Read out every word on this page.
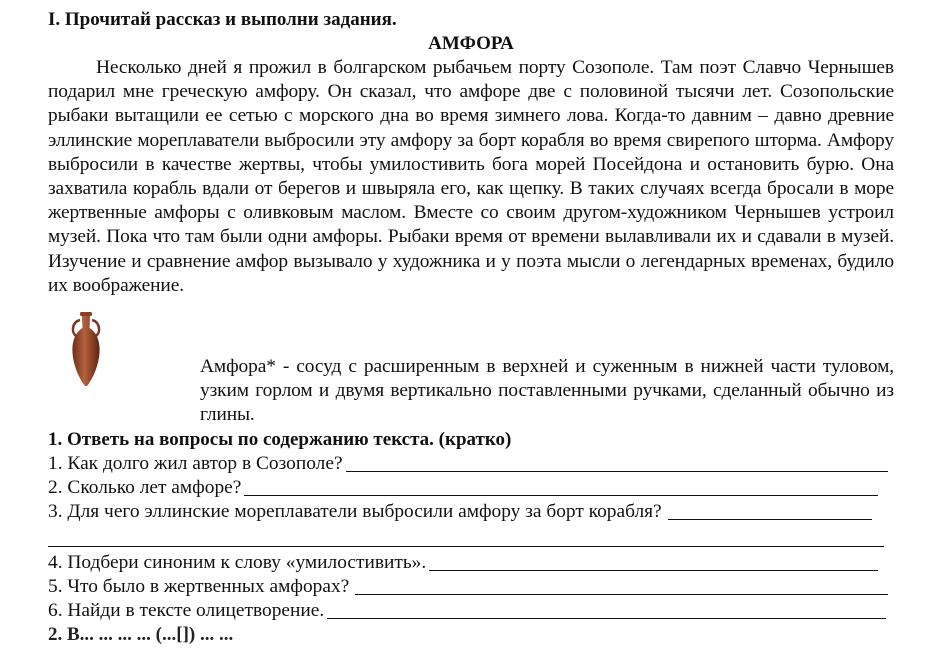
I. Прочитай рассказ и выполни задания.

АМФОРА

Несколько дней я прожил в болгарском рыбачьем порту Созополе. Там поэт Славчо Чернышев подарил мне греческую амфору. Он сказал, что амфоре две с половиной тысячи лет. Созопольские рыбаки вытащили ее сетью с морского дна во время зимнего лова. Когда-то давним – давно древние эллинские мореплаватели выбросили эту амфору за борт корабля во время свирепого шторма. Амфору выбросили в качестве жертвы, чтобы умилостивить бога морей Посейдона и остановить бурю. Она захватила корабль вдали от берегов и швыряла его, как щепку. В таких случаях всегда бросали в море жертвенные амфоры с оливковым маслом. Вместе со своим другом-художником Чернышев устроил музей. Пока что там были одни амфоры. Рыбаки время от времени вылавливали их и сдавали в музей. Изучение и сравнение амфор вызывало у художника и у поэта мысли о легендарных временах, будило их воображение.

Амфора* - сосуд с расширенным в верхней и суженным в нижней части туловом, узким горлом и двумя вертикально поставленными ручками, сделанный обычно из глины.

1. Ответь на вопросы по содержанию текста. (кратко)

1. Как долго жил автор в Созополе?
2. Сколько лет амфоре?
3. Для чего эллинские мореплаватели выбросили амфору за борт корабля?
4. Подбери синоним к слову «умилостивить».
5. Что было в жертвенных амфорах?
6. Найди в тексте олицетворение.
2. В... ... ... ... (...[]) ... ...
